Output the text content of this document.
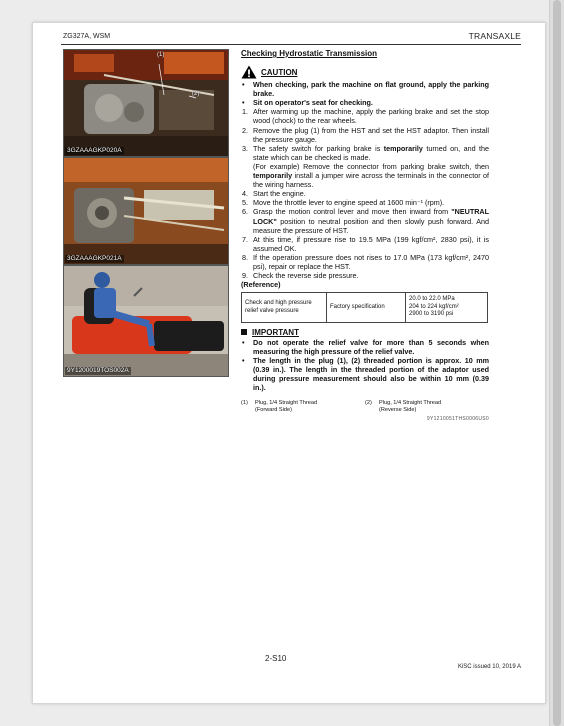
ZG327A, WSM	TRANSAXLE
(1)
(2)
3GZAAAGKP020A
3GZAAAGKP021A
9Y1200019TOS002A
Checking Hydrostatic Transmission
CAUTION
•	When checking, park the machine on flat ground, apply the parking brake.
•	Sit on operator's seat for checking.
1. After warming up the machine, apply the parking brake and set the stop wood (chock) to the rear wheels.
2. Remove the plug (1) from the HST and set the HST adaptor. Then install the pressure gauge.
3. The safety switch for parking brake is temporarily turned on, and the state which can be checked is made.
(For example) Remove the connector from parking brake switch, then temporarily install a jumper wire across the terminals in the connector of the wiring harness.
4. Start the engine.
5. Move the throttle lever to engine speed at 1600 min⁻¹ (rpm).
6. Grasp the motion control lever and move then inward from "NEUTRAL LOCK" position to neutral position and then slowly push forward. And measure the pressure of HST.
7. At this time, if pressure rise to 19.5 MPa (199 kgf/cm², 2830 psi), it is assumed OK.
8. If the operation pressure does not rises to 17.0 MPa (173 kgf/cm², 2470 psi), repair or replace the HST.
9. Check the reverse side pressure.
(Reference)
Check and high pressure relief valve pressure	Factory specification	
20.0 to 22.0 MPa
204 to 224 kgf/cm²
2900 to 3190 psi
IMPORTANT
•	Do not operate the relief valve for more than 5 seconds when measuring the high pressure of the relief valve.
•	The length in the plug (1), (2) threaded portion is approx. 10 mm (0.39 in.). The length in the threaded portion of the adaptor used during pressure measurement should also be within 10 mm (0.39 in.).
(1)	Plug, 1/4 Straight Thread
(Forward Side)
(2)	Plug, 1/4 Straight Thread
(Reverse Side)
9Y1210051THS0006US0
2-S10
KiSC issued 10, 2019 A
